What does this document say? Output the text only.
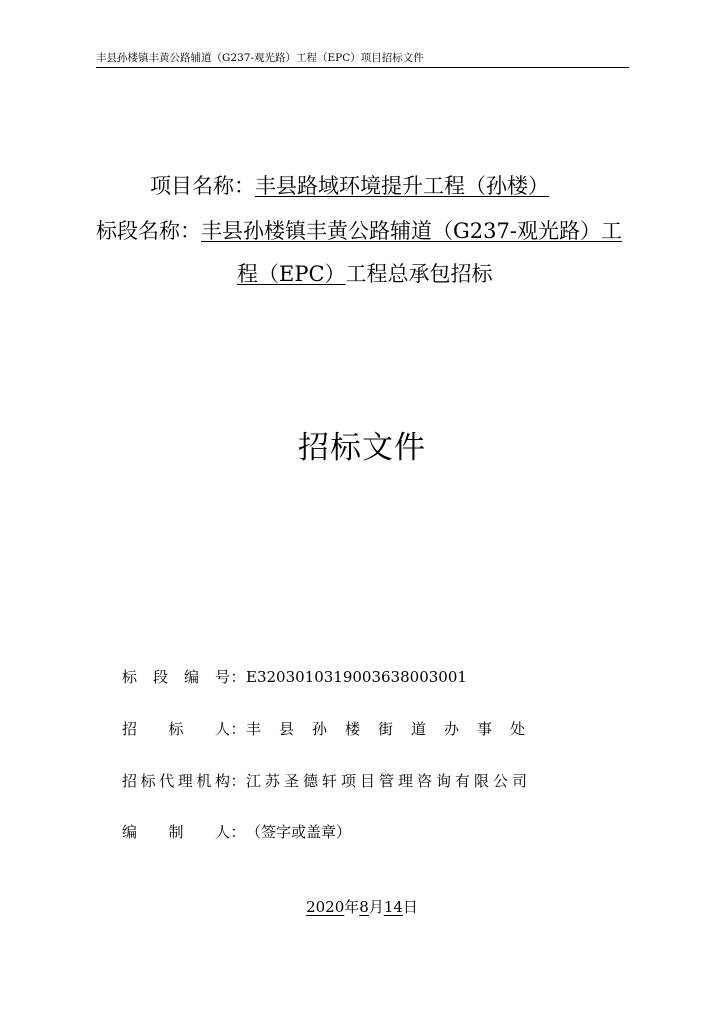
丰县孙楼镇丰黄公路辅道（G237-观光路）工程（EPC）项目招标文件
项目名称：丰县路域环境提升工程（孙楼）
标段名称：丰县孙楼镇丰黄公路辅道（G237-观光路）工
程（EPC）工程总承包招标
招标文件
标段编号：E3203010319003638003001
招标人：丰县孙楼街道办事处
招标代理机构：江苏圣德轩项目管理咨询有限公司
编制人：（签字或盖章）
2020年8月14日
